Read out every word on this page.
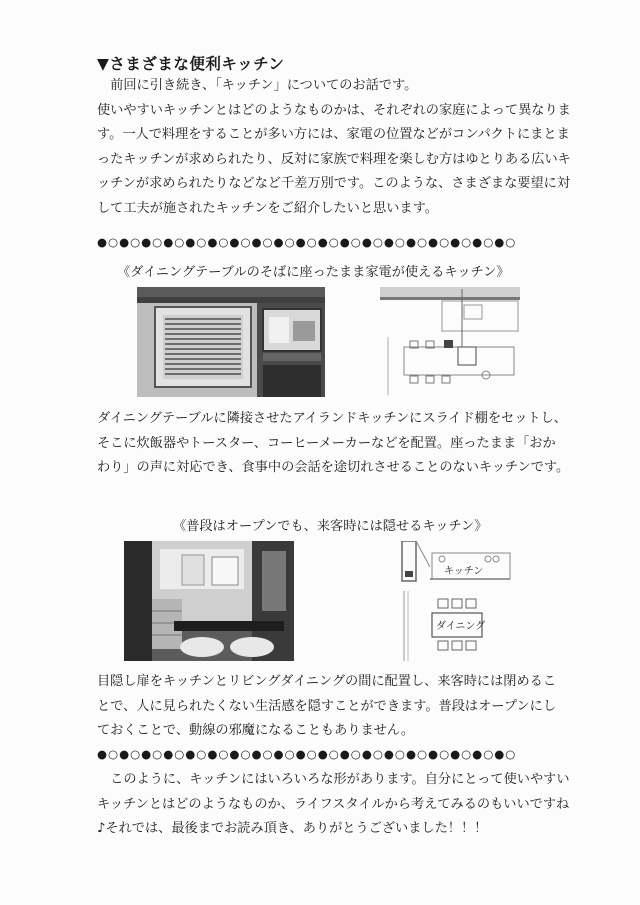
▼さまざまな便利キッチン
　前回に引き続き、「キッチン」についてのお話です。
使いやすいキッチンとはどのようなものかは、それぞれの家庭によって異なりま
す。一人で料理をすることが多い方には、家電の位置などがコンパクトにまとま
ったキッチンが求められたり、反対に家族で料理を楽しむ方はゆとりある広いキ
ッチンが求められたりなどなど千差万別です。このような、さまざまな要望に対
して工夫が施されたキッチンをご紹介したいと思います。
●○●○●○●○●○●○●○●○●○●○●○●○●○●○●○●○●○●○●○
《ダイニングテーブルのそばに座ったまま家電が使えるキッチン》
ダイニングテーブルに隣接させたアイランドキッチンにスライド棚をセットし、
そこに炊飯器やトースター、コーヒーメーカーなどを配置。座ったまま「おか
わり」の声に対応でき、食事中の会話を途切れさせることのないキッチンです。
《普段はオープンでも、来客時には隠せるキッチン》
キッチン
ダイニング
目隠し扉をキッチンとリビングダイニングの間に配置し、来客時には閉めるこ
とで、人に見られたくない生活感を隠すことができます。普段はオープンにし
ておくことで、動線の邪魔になることもありません。
●○●○●○●○●○●○●○●○●○●○●○●○●○●○●○●○●○●○●○
　このように、キッチンにはいろいろな形があります。自分にとって使いやすい
キッチンとはどのようなものか、ライフスタイルから考えてみるのもいいですね
♪それでは、最後までお読み頂き、ありがとうございました！！！
